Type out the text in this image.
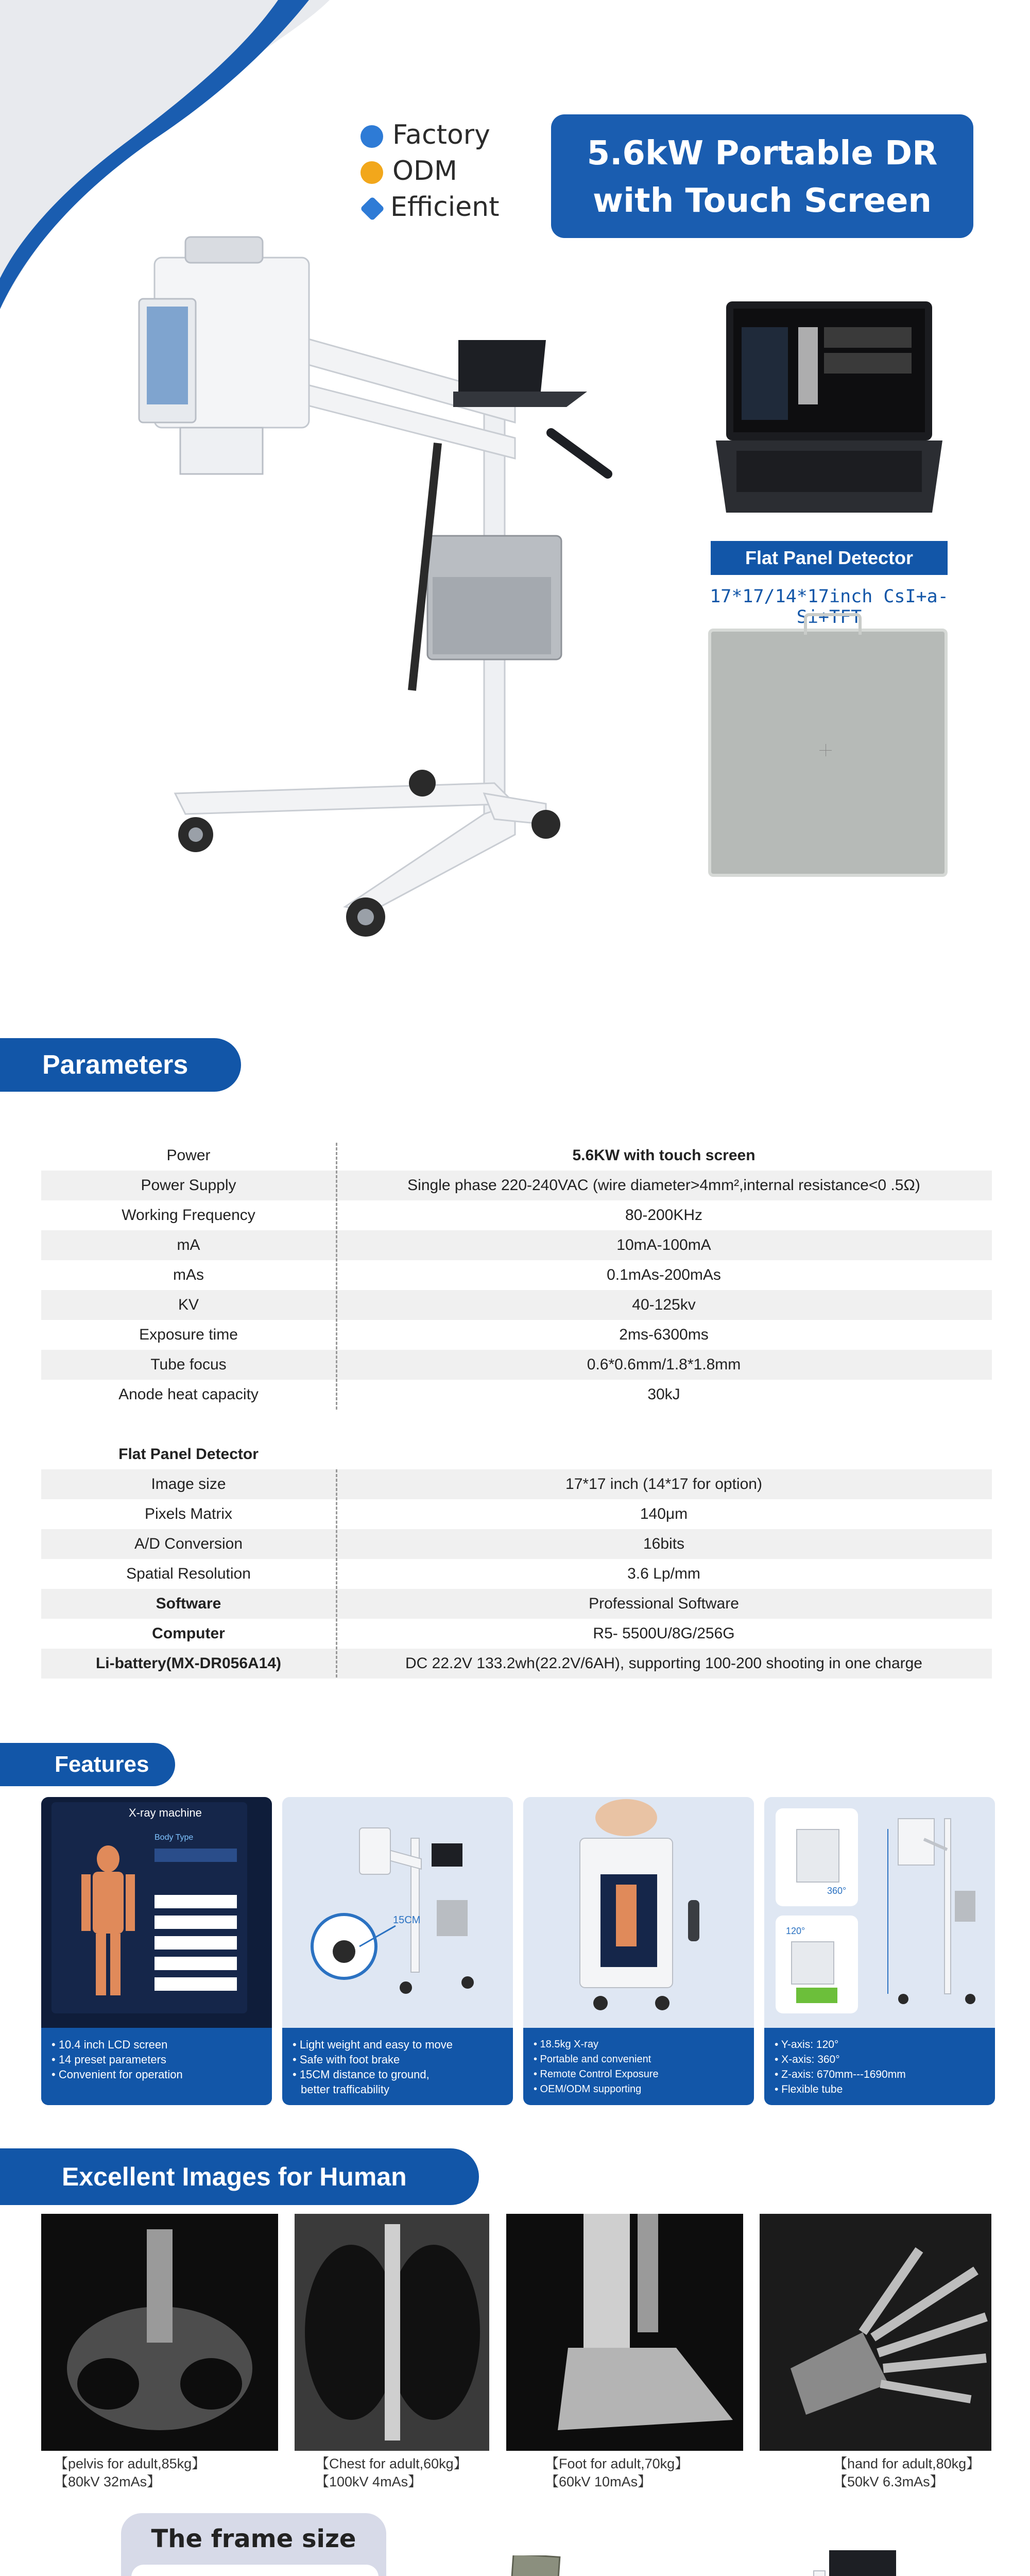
Factory
ODM
Efficient
5.6kW Portable DR
with Touch Screen
Flat Panel Detector
17*17/14*17inch CsI+a-Si+TFT
Parameters
Power	5.6KW with touch screen
Power Supply	Single phase 220-240VAC (wire diameter>4mm²,internal resistance<0 .5Ω)
Working Frequency	80-200KHz
mA	10mA-100mA
mAs	0.1mAs-200mAs
KV	40-125kv
Exposure time	2ms-6300ms
Tube focus	0.6*0.6mm/1.8*1.8mm
Anode heat capacity	30kJ
Flat Panel Detector
Image size	17*17 inch (14*17 for option)
Pixels Matrix	140μm
A/D Conversion	16bits
Spatial Resolution	3.6 Lp/mm
Software	Professional Software
Computer	R5- 5500U/8G/256G
Li-battery(MX-DR056A14)	DC 22.2V 133.2wh(22.2V/6AH), supporting 100-200 shooting in one charge
Features
X-ray machine
Body Type
• 10.4 inch LCD screen
• 14 preset parameters
• Convenient for operation
15CM
• Light weight and easy to move
• Safe with foot brake
• 15CM distance to ground,
better trafficability
• 18.5kg X-ray
• Portable and convenient
• Remote Control Exposure
• OEM/ODM supporting
360°
120°
• Y-axis: 120°
• X-axis: 360°
• Z-axis: 670mm---1690mm
• Flexible tube
Excellent Images for Human
【pelvis for adult,85kg】
【80kV 32mAs】
【Chest for adult,60kg】
【100kV 4mAs】
【Foot for adult,70kg】
【60kV 10mAs】
【hand for adult,80kg】
【50kV 6.3mAs】
The frame size
